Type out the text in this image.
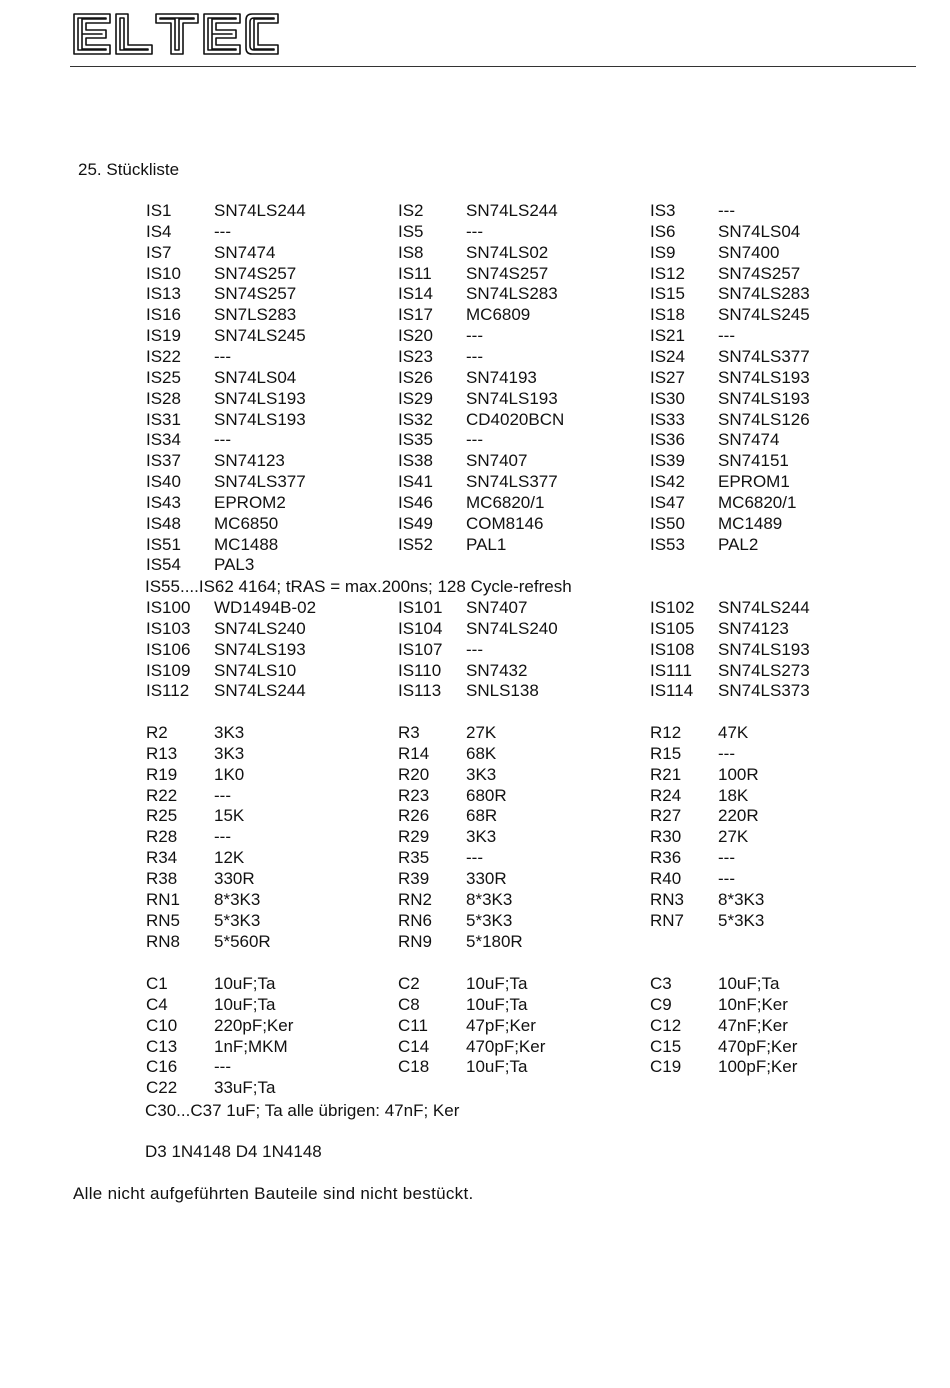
25. Stückliste
IS1 SN74LS244	IS2 SN74LS244	IS3 ---
IS4 ---	IS5 ---	IS6 SN74LS04
IS7 SN7474	IS8 SN74LS02	IS9 SN7400
IS10 SN74S257	IS11 SN74S257	IS12 SN74S257
IS13 SN74S257	IS14 SN74LS283	IS15 SN74LS283
IS16 SN7LS283	IS17 MC6809	IS18 SN74LS245
IS19 SN74LS245	IS20 ---	IS21 ---
IS22 ---	IS23 ---	IS24 SN74LS377
IS25 SN74LS04	IS26 SN74193	IS27 SN74LS193
IS28 SN74LS193	IS29 SN74LS193	IS30 SN74LS193
IS31 SN74LS193	IS32 CD4020BCN	IS33 SN74LS126
IS34 ---	IS35 ---	IS36 SN7474
IS37 SN74123	IS38 SN7407	IS39 SN74151
IS40 SN74LS377	IS41 SN74LS377	IS42 EPROM1
IS43 EPROM2	IS46 MC6820/1	IS47 MC6820/1
IS48 MC6850	IS49 COM8146	IS50 MC1489
IS51 MC1488	IS52 PAL1	IS53 PAL2
IS54 PAL3
IS100 WD1494B-02	IS101 SN7407	IS102 SN74LS244
IS103 SN74LS240	IS104 SN74LS240	IS105 SN74123
IS106 SN74LS193	IS107 ---	IS108 SN74LS193
IS109 SN74LS10	IS110 SN7432	IS111 SN74LS273
IS112 SN74LS244	IS113 SNLS138	IS114 SN74LS373
R2	3K3	R3	27K	R12 47K
R13 3K3	R14 68K	R15 ---
R19 1K0	R20 3K3	R21 100R
R22 ---	R23 680R	R24 18K
R25 15K	R26 68R	R27 220R
R28 ---	R29 3K3	R30 27K
R34 12K	R35 ---	R36 ---
R38 330R	R39 330R	R40 ---
RN1 8*3K3	RN2 8*3K3	RN3 8*3K3
RN5 5*3K3	RN6 5*3K3	RN7 5*3K3
RN8 5*560R	RN9 5*180R
C1	10uF;Ta	C2	10uF;Ta	C3	10uF;Ta
C4	10uF;Ta	C8	10uF;Ta	C9	10nF;Ker
C10 220pF;Ker	C11 47pF;Ker	C12 47nF;Ker
C13 1nF;MKM	C14 470pF;Ker	C15 470pF;Ker
C16 ---	C18 10uF;Ta	C19 100pF;Ker
C22 33uF;Ta
IS55....IS62 4164; tRAS = max.200ns; 128 Cycle-refresh
C30...C37 1uF; Ta alle übrigen: 47nF; Ker
D3 1N4148 D4 1N4148
Alle nicht aufgeführten Bauteile sind nicht bestückt.
